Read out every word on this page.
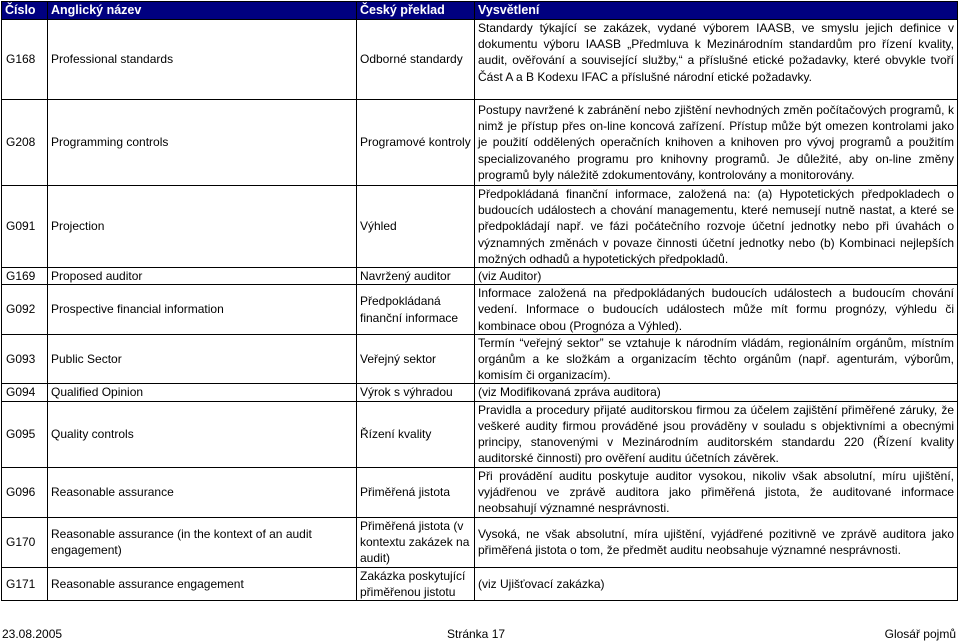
Číslo	Anglický název	Český překlad	Vysvětlení
G168	Professional standards	Odborné standardy	Standardy týkající se zakázek, vydané výborem IAASB, ve smyslu jejich definice v dokumentu výboru IAASB „Předmluva k Mezinárodním standardům pro řízení kvality, audit, ověřování a související služby,“ a příslušné etické požadavky, které obvykle tvoří Část A a B Kodexu IFAC a příslušné národní etické požadavky.
G208	Programming controls	Programové kontroly	Postupy navržené k zabránění nebo zjištění nevhodných změn počítačových programů, k nimž je přístup přes on-line koncová zařízení. Přístup může být omezen kontrolami jako je použití oddělených operačních knihoven a knihoven pro vývoj programů a použitím specializovaného programu pro knihovny programů. Je důležité, aby on-line změny programů byly náležitě zdokumentovány, kontrolovány a monitorovány.
G091	Projection	Výhled	Předpokládaná finanční informace, založená na: (a) Hypotetických předpokladech o budoucích událostech a chování managementu, které nemusejí nutně nastat, a které se předpokládají např. ve fázi počátečního rozvoje účetní jednotky nebo při úvahách o významných změnách v povaze činnosti účetní jednotky nebo (b) Kombinaci nejlepších možných odhadů a hypotetických předpokladů.
G169	Proposed auditor	Navržený auditor	(viz Auditor)
G092	Prospective financial information	Předpokládaná finanční informace	Informace založená na předpokládaných budoucích událostech a budoucím chování vedení. Informace o budoucích událostech může mít formu prognózy, výhledu či kombinace obou (Prognóza a Výhled).
G093	Public Sector	Veřejný sektor	Termín “veřejný sektor” se vztahuje k národním vládám, regionálním orgánům, místním orgánům a ke složkám a organizacím těchto orgánům (např. agenturám, výborům, komisím či organizacím).
G094	Qualified Opinion	Výrok s výhradou	(viz Modifikovaná zpráva auditora)
G095	Quality controls	Řízení kvality	Pravidla a procedury přijaté auditorskou firmou za účelem zajištění přiměřené záruky, že veškeré audity firmou prováděné jsou prováděny v souladu s objektivními a obecnými principy, stanovenými v Mezinárodním auditorském standardu 220 (Řízení kvality auditorské činnosti) pro ověření auditu účetních závěrek.
G096	Reasonable assurance	Přiměřená jistota	Při provádění auditu poskytuje auditor vysokou, nikoliv však absolutní, míru ujištění, vyjádřenou ve zprávě auditora jako přiměřená jistota, že auditované informace neobsahují významné nesprávnosti.
G170	Reasonable assurance (in the kontext of an audit engagement)	Přiměřená jistota (v kontextu zakázek na audit)	Vysoká, ne však absolutní, míra ujištění, vyjádřené pozitivně ve zprávě auditora jako přiměřená jistota o tom, že předmět auditu neobsahuje významné nesprávnosti.
G171	Reasonable assurance engagement	Zakázka poskytující přiměřenou jistotu	(viz Ujišťovací zakázka)
23.08.2005	Stránka 17	Glosář pojmů
